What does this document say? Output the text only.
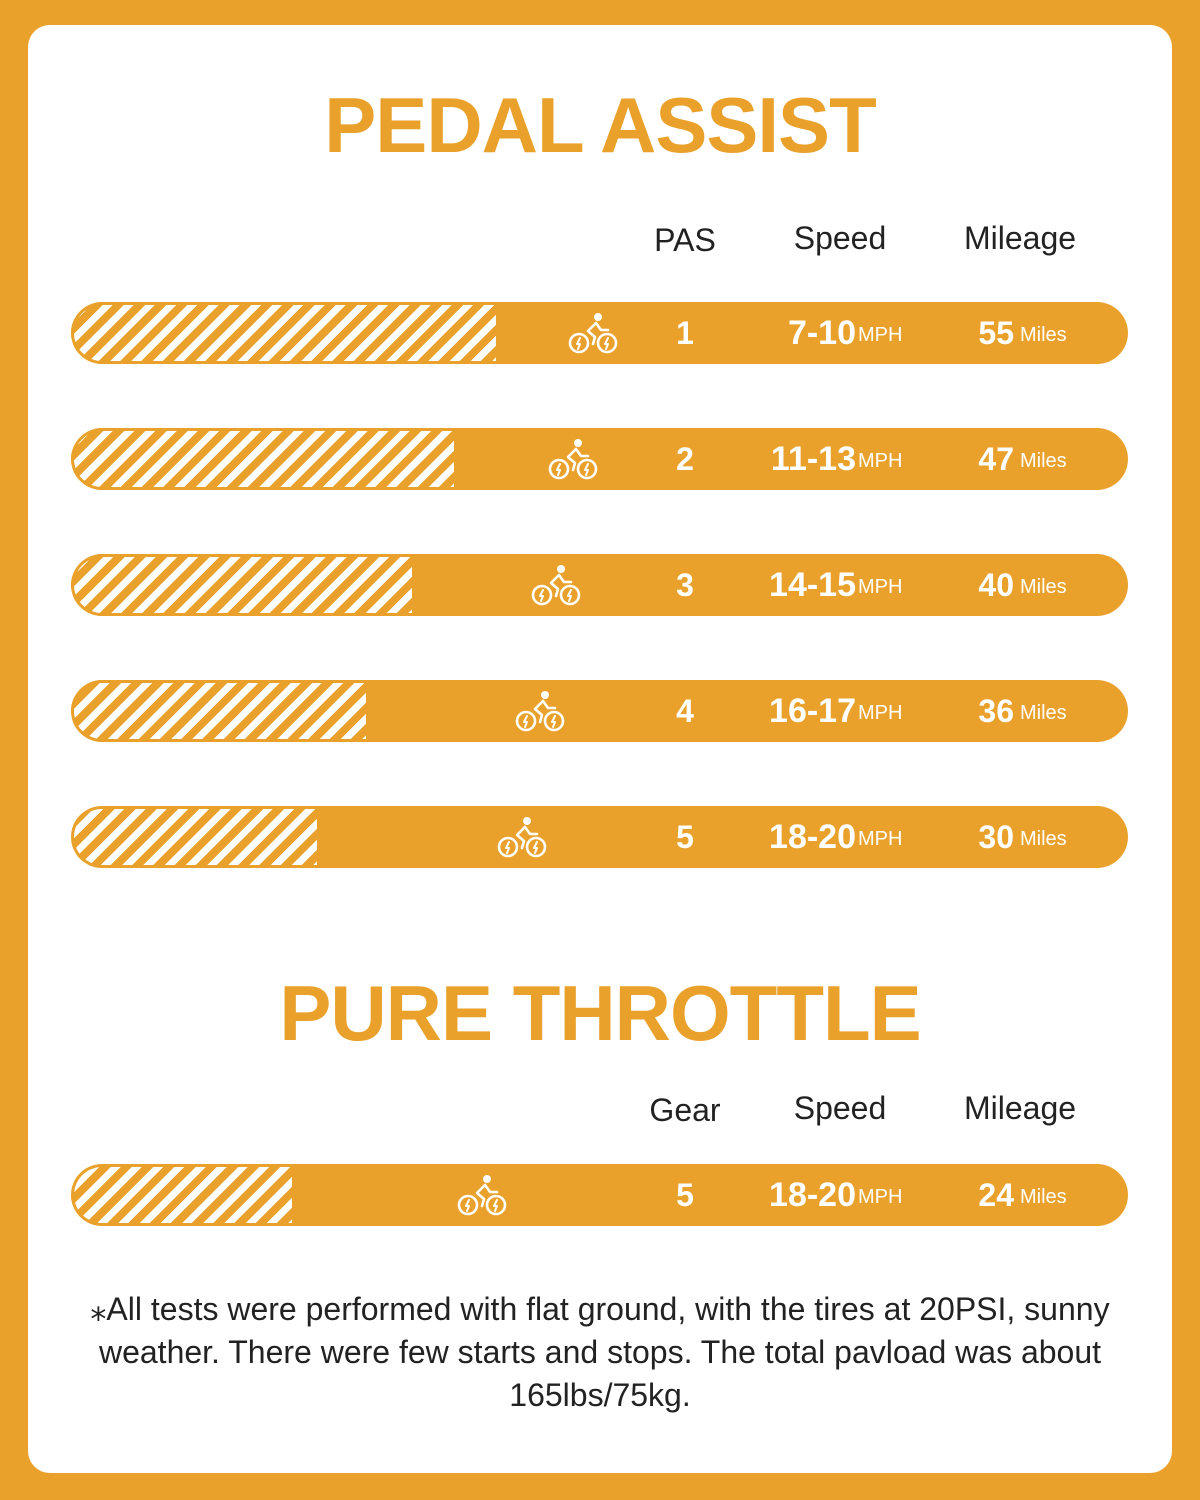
PEDAL ASSIST
PAS	Speed	Mileage
1	7-10 MPH	55 Miles
2	11-13 MPH	47 Miles
3	14-15 MPH	40 Miles
4	16-17 MPH	36 Miles
5	18-20 MPH	30 Miles
PURE THROTTLE
Gear	Speed	Mileage
5	18-20 MPH	24 Miles
⁎All tests were performed with flat ground, with the tires at 20PSI, sunny weather. There were few starts and stops. The total pavload was about 165lbs/75kg.
